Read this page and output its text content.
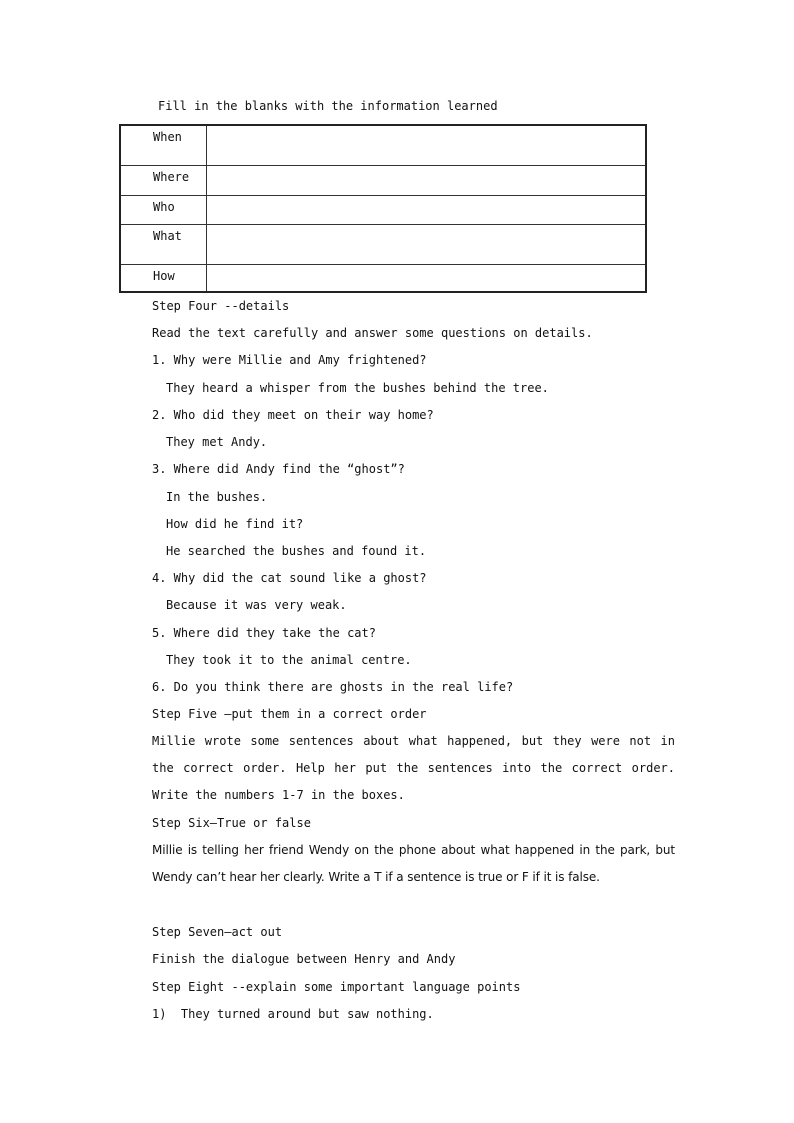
Fill in the blanks with the information learned
When	
Where	
Who	
What	
How	
Step Four --details
Read the text carefully and answer some questions on details.
1. Why were Millie and Amy frightened?
They heard a whisper from the bushes behind the tree.
2. Who did they meet on their way home?
They met Andy.
3. Where did Andy find the “ghost”?
In the bushes.
How did he find it?
He searched the bushes and found it.
4. Why did the cat sound like a ghost?
Because it was very weak.
5. Where did they take the cat?
They took it to the animal centre.
6. Do you think there are ghosts in the real life?
Step Five –put them in a correct order
Millie wrote some sentences about what happened, but they were not in the correct order. Help her put the sentences into the correct order. Write the numbers 1-7 in the boxes.
Step Six—True or false
Millie is telling her friend Wendy on the phone about what happened in the park, but Wendy can’t hear her clearly. Write a T if a sentence is true or F if it is false.
Step Seven—act out
Finish the dialogue between Henry and Andy
Step Eight --explain some important language points
1)  They turned around but saw nothing.
